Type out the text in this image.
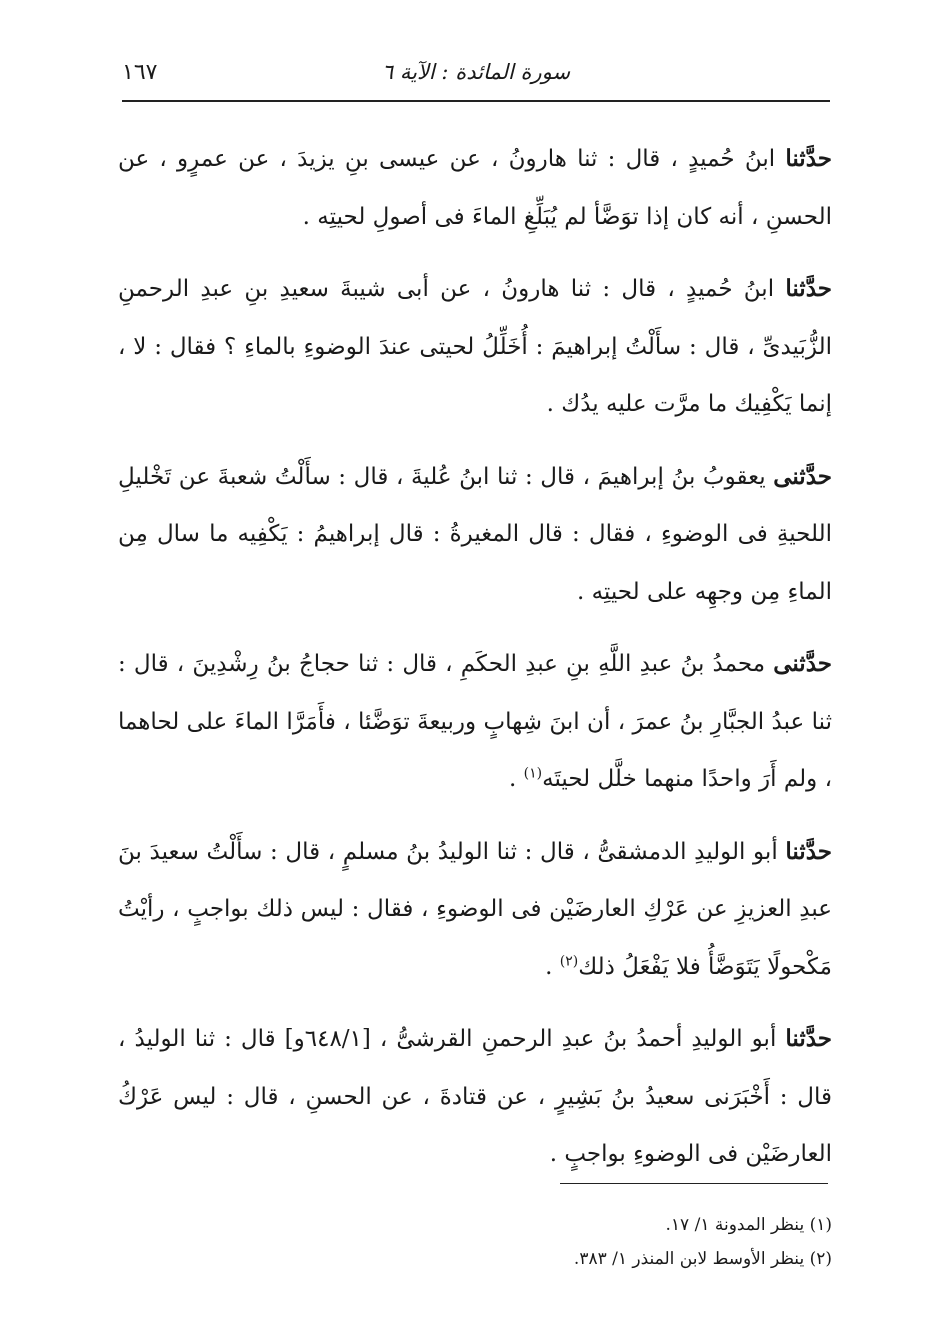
سورة المائدة : الآية ٦
١٦٧

حدَّثنا ابنُ حُميدٍ ، قال : ثنا هارونُ ، عن عيسى بنِ يزيدَ ، عن عمرٍو ، عن الحسنِ ، أنه كان إذا توَضَّأ لم يُبَلِّغِ الماءَ فى أصولِ لحيتِه .

حدَّثنا ابنُ حُميدٍ ، قال : ثنا هارونُ ، عن أبى شيبةَ سعيدِ بنِ عبدِ الرحمنِ الزُّبَيدىِّ ، قال : سأَلْتُ إبراهيمَ : أُخَلِّلُ لحيتى عندَ الوضوءِ بالماءِ ؟ فقال : لا ، إنما يَكْفِيك ما مرَّت عليه يدُك .

حدَّثنى يعقوبُ بنُ إبراهيمَ ، قال : ثنا ابنُ عُليةَ ، قال : سأَلْتُ شعبةَ عن تَخْليلِ اللحيةِ فى الوضوءِ ، فقال : قال المغيرةُ : قال إبراهيمُ : يَكْفِيه ما سال مِن الماءِ مِن وجهِه على لحيتِه .

حدَّثنى محمدُ بنُ عبدِ اللَّهِ بنِ عبدِ الحكَمِ ، قال : ثنا حجاجُ بنُ رِشْدِينَ ، قال : ثنا عبدُ الجبَّارِ بنُ عمرَ ، أن ابنَ شِهابٍ وربيعةَ توَضَّئا ، فأَمَرَّا الماءَ على لحاهما ، ولم أَرَ واحدًا منهما خلَّل لحيتَه$^{(١)}$ .

حدَّثنا أبو الوليدِ الدمشقىُّ ، قال : ثنا الوليدُ بنُ مسلمٍ ، قال : سأَلْتُ سعيدَ بنَ عبدِ العزيزِ عن عَرْكِ العارضَيْن فى الوضوءِ ، فقال : ليس ذلك بواجبٍ ، رأيْتُ مَكْحولًا يَتَوَضَّأُ فلا يَفْعَلُ ذلك$^{(٢)}$ .

حدَّثنا أبو الوليدِ أحمدُ بنُ عبدِ الرحمنِ القرشىُّ ، [٦٤٨/١و] قال : ثنا الوليدُ ، قال : أَخْبَرَنى سعيدُ بنُ بَشِيرٍ ، عن قتادةَ ، عن الحسنِ ، قال : ليس عَرْكُ العارضَيْن فى الوضوءِ بواجبٍ .

(١) ينظر المدونة ١/ ١٧.
(٢) ينظر الأوسط لابن المنذر ١/ ٣٨٣.
